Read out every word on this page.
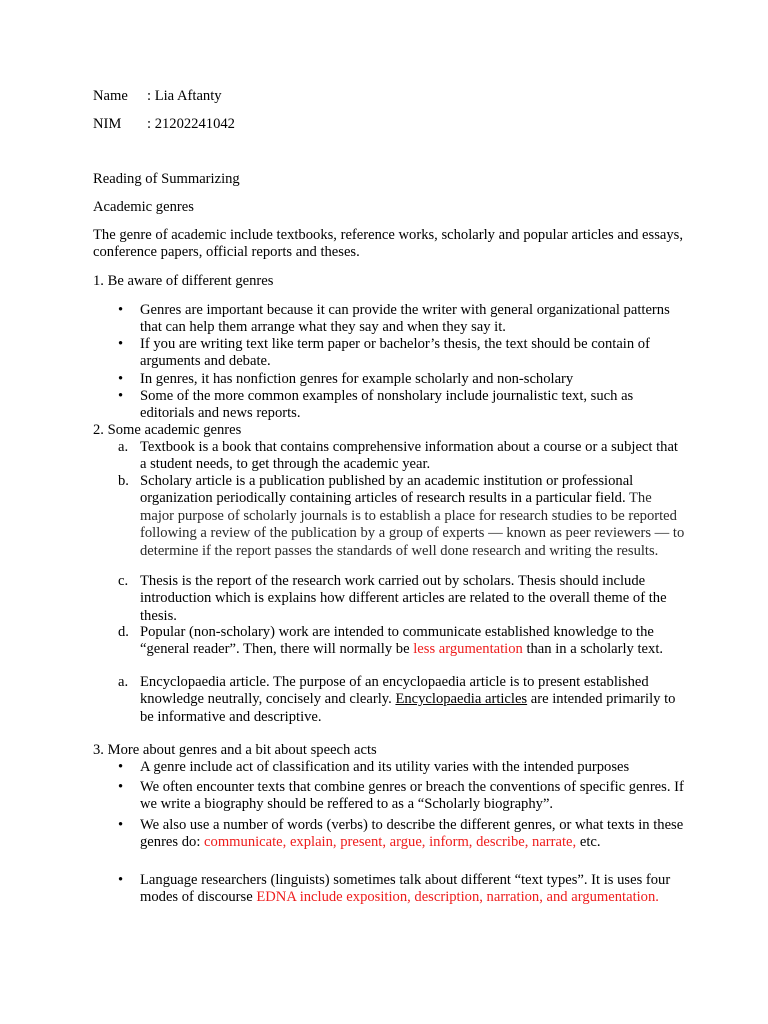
Name : Lia Aftanty
NIM : 21202241042
Reading of Summarizing
Academic genres
The genre of academic include textbooks, reference works, scholarly and popular articles and essays, conference papers, official reports and theses.
1. Be aware of different genres
•	Genres are important because it can provide the writer with general organizational patterns that can help them arrange what they say and when they say it.
•	If you are writing text like term paper or bachelor’s thesis, the text should be contain of arguments and debate.
•	In genres, it has nonfiction genres for example scholarly and non-scholary
•	Some of the more common examples of nonsholary include journalistic text, such as editorials and news reports.
2. Some academic genres
a. Textbook is a book that contains comprehensive information about a course or a subject that a student needs, to get through the academic year.
b. Scholary article is a publication published by an academic institution or professional organization periodically containing articles of research results in a particular field. The major purpose of scholarly journals is to establish a place for research studies to be reported following a review of the publication by a group of experts — known as peer reviewers — to determine if the report passes the standards of well done research and writing the results.
c. Thesis is the report of the research work carried out by scholars. Thesis should include introduction which is explains how different articles are related to the overall theme of the thesis.
d. Popular (non-scholary) work are intended to communicate established knowledge to the “general reader”. Then, there will normally be less argumentation than in a scholarly text.
a. Encyclopaedia article. The purpose of an encyclopaedia article is to present established knowledge neutrally, concisely and clearly. Encyclopaedia articles are intended primarily to be informative and descriptive.
3. More about genres and a bit about speech acts
•	A genre include act of classification and its utility varies with the intended purposes
•	We often encounter texts that combine genres or breach the conventions of specific genres. If we write a biography should be reffered to as a “Scholarly biography”.
•	We also use a number of words (verbs) to describe the different genres, or what texts in these genres do: communicate, explain, present, argue, inform, describe, narrate, etc.
•	Language researchers (linguists) sometimes talk about different “text types”. It is uses four modes of discourse EDNA include exposition, description, narration, and argumentation.
